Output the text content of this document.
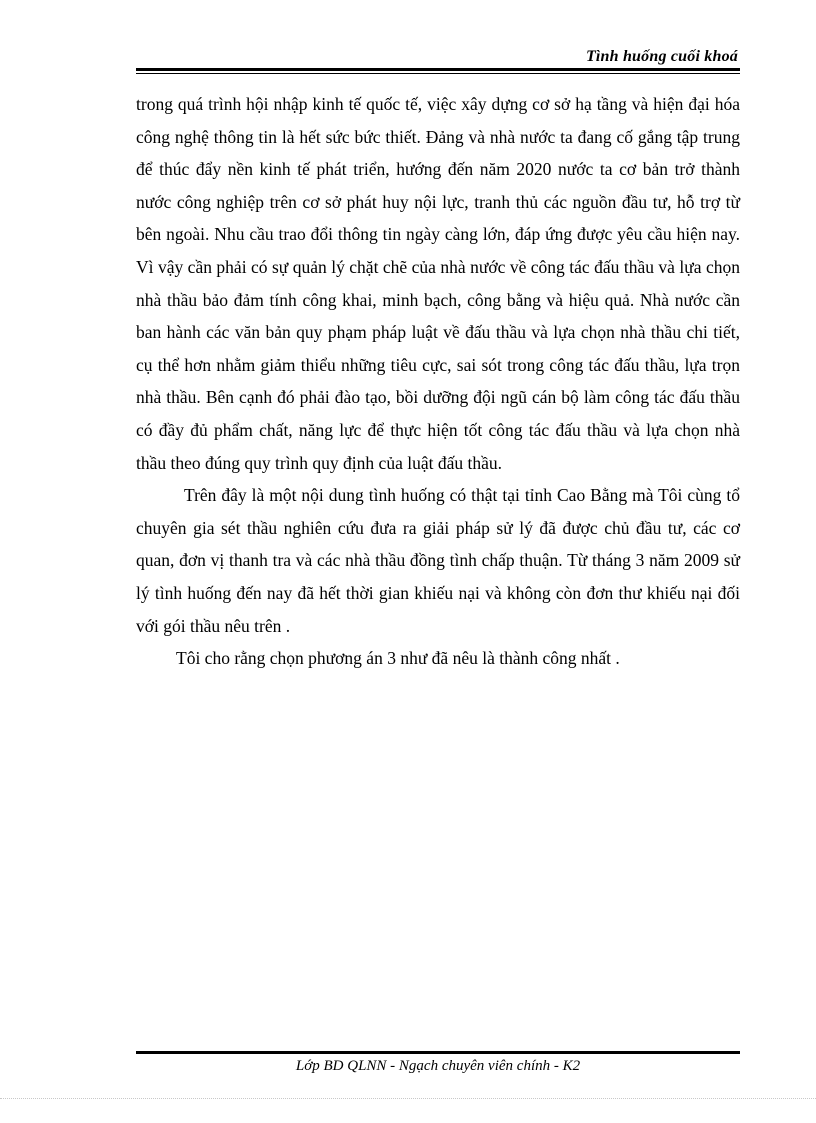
Tình huống cuối khoá

trong quá trình hội nhập kinh tế quốc tế, việc xây dựng cơ sở hạ tầng và hiện đại hóa công nghệ thông tin là hết sức bức thiết. Đảng và nhà nước ta đang cố gắng tập trung để thúc đẩy nền kinh tế phát triển, hướng đến năm 2020 nước ta cơ bản trở thành nước công nghiệp trên cơ sở phát huy nội lực, tranh thủ các nguồn đầu tư, hỗ trợ từ bên ngoài. Nhu cầu trao đổi thông tin ngày càng lớn, đáp ứng được yêu cầu hiện nay. Vì vậy cần phải có sự quản lý chặt chẽ của nhà nước về công tác đấu thầu và lựa chọn nhà thầu bảo đảm tính công khai, minh bạch, công bằng và hiệu quả. Nhà nước cần ban hành các văn bản quy phạm pháp luật về đấu thầu và lựa chọn nhà thầu chi tiết, cụ thể hơn nhằm giảm thiểu những tiêu cực, sai sót trong công tác đấu thầu, lựa trọn nhà thầu. Bên cạnh đó phải đào tạo, bồi dưỡng đội ngũ cán bộ làm công tác đấu thầu có đầy đủ phẩm chất, năng lực để thực hiện tốt công tác đấu thầu và lựa chọn nhà thầu theo đúng quy trình quy định của luật đấu thầu.

Trên đây là một nội dung tình huống có thật tại tỉnh Cao Bằng mà Tôi cùng tổ chuyên gia sét thầu nghiên cứu đưa ra giải pháp sử lý đã được chủ đầu tư, các cơ quan, đơn vị thanh tra và các nhà thầu đồng tình chấp thuận. Từ tháng 3 năm 2009 sử lý tình huống đến nay đã hết thời gian khiếu nại và không còn đơn thư khiếu nại đối với gói thầu nêu trên .

Tôi cho rằng chọn phương án 3 như đã nêu là thành công nhất .

Lớp BD QLNN - Ngạch chuyên viên chính - K2
